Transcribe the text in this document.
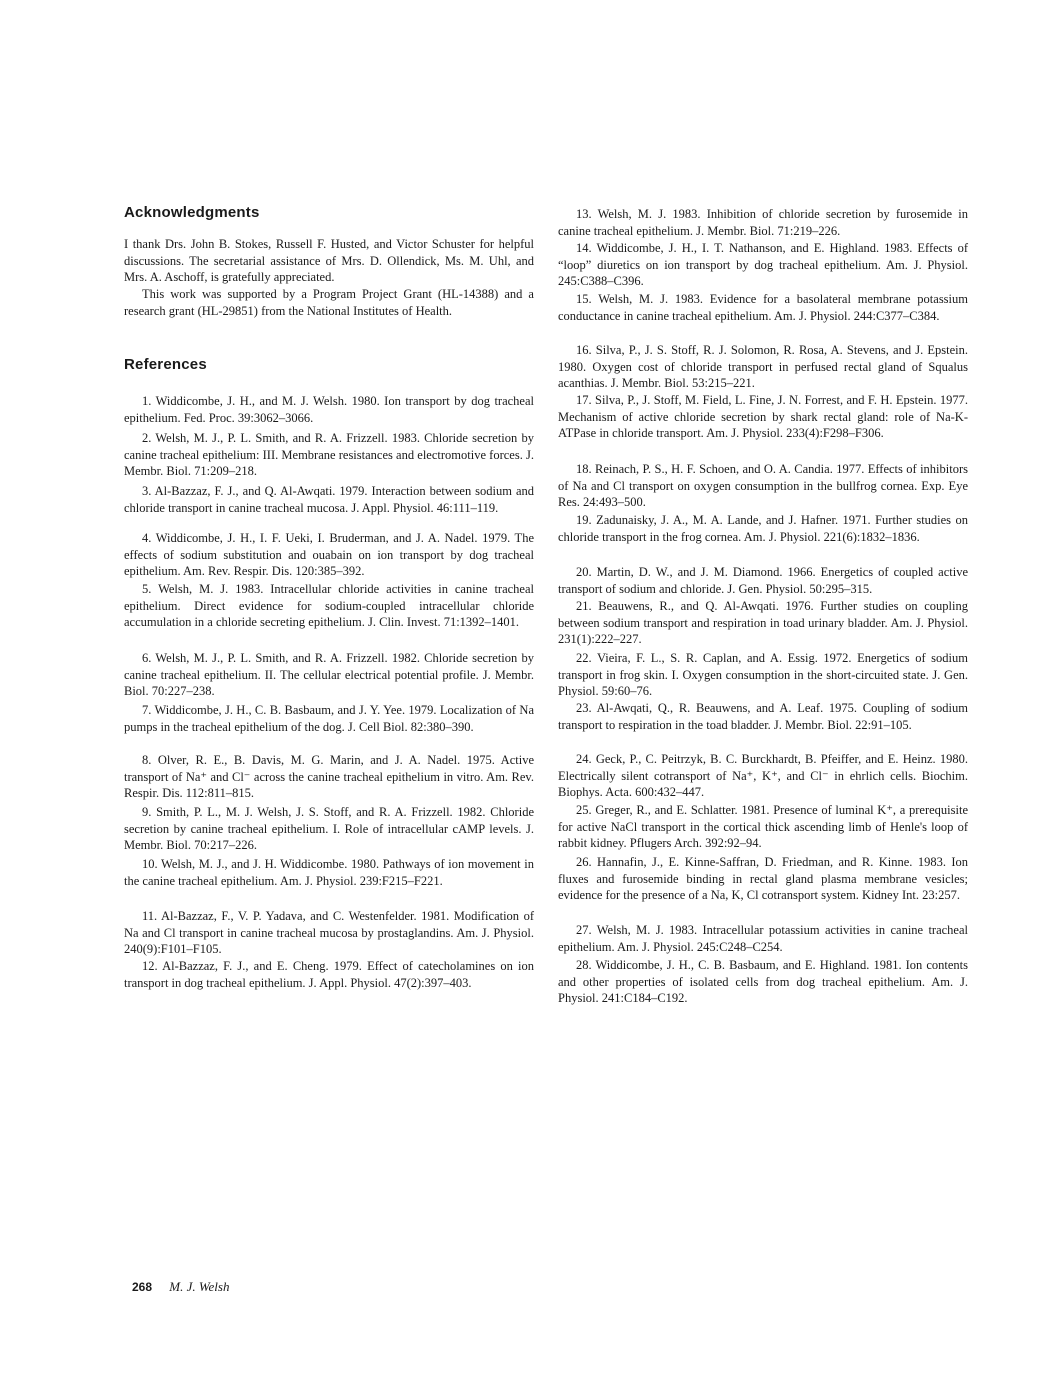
Acknowledgments

I thank Drs. John B. Stokes, Russell F. Husted, and Victor Schuster for helpful discussions. The secretarial assistance of Mrs. D. Ollendick, Ms. M. Uhl, and Mrs. A. Aschoff, is gratefully appreciated.

This work was supported by a Program Project Grant (HL-14388) and a research grant (HL-29851) from the National Institutes of Health.

References

1. Widdicombe, J. H., and M. J. Welsh. 1980. Ion transport by dog tracheal epithelium. Fed. Proc. 39:3062–3066.

2. Welsh, M. J., P. L. Smith, and R. A. Frizzell. 1983. Chloride secretion by canine tracheal epithelium: III. Membrane resistances and electromotive forces. J. Membr. Biol. 71:209–218.

3. Al-Bazzaz, F. J., and Q. Al-Awqati. 1979. Interaction between sodium and chloride transport in canine tracheal mucosa. J. Appl. Physiol. 46:111–119.

4. Widdicombe, J. H., I. F. Ueki, I. Bruderman, and J. A. Nadel. 1979. The effects of sodium substitution and ouabain on ion transport by dog tracheal epithelium. Am. Rev. Respir. Dis. 120:385–392.

5. Welsh, M. J. 1983. Intracellular chloride activities in canine tracheal epithelium. Direct evidence for sodium-coupled intracellular chloride accumulation in a chloride secreting epithelium. J. Clin. Invest. 71:1392–1401.

6. Welsh, M. J., P. L. Smith, and R. A. Frizzell. 1982. Chloride secretion by canine tracheal epithelium. II. The cellular electrical potential profile. J. Membr. Biol. 70:227–238.

7. Widdicombe, J. H., C. B. Basbaum, and J. Y. Yee. 1979. Localization of Na pumps in the tracheal epithelium of the dog. J. Cell Biol. 82:380–390.

8. Olver, R. E., B. Davis, M. G. Marin, and J. A. Nadel. 1975. Active transport of Na⁺ and Cl⁻ across the canine tracheal epithelium in vitro. Am. Rev. Respir. Dis. 112:811–815.

9. Smith, P. L., M. J. Welsh, J. S. Stoff, and R. A. Frizzell. 1982. Chloride secretion by canine tracheal epithelium. I. Role of intracellular cAMP levels. J. Membr. Biol. 70:217–226.

10. Welsh, M. J., and J. H. Widdicombe. 1980. Pathways of ion movement in the canine tracheal epithelium. Am. J. Physiol. 239:F215–F221.

11. Al-Bazzaz, F., V. P. Yadava, and C. Westenfelder. 1981. Modification of Na and Cl transport in canine tracheal mucosa by prostaglandins. Am. J. Physiol. 240(9):F101–F105.

12. Al-Bazzaz, F. J., and E. Cheng. 1979. Effect of catecholamines on ion transport in dog tracheal epithelium. J. Appl. Physiol. 47(2):397–403.

13. Welsh, M. J. 1983. Inhibition of chloride secretion by furosemide in canine tracheal epithelium. J. Membr. Biol. 71:219–226.

14. Widdicombe, J. H., I. T. Nathanson, and E. Highland. 1983. Effects of “loop” diuretics on ion transport by dog tracheal epithelium. Am. J. Physiol. 245:C388–C396.

15. Welsh, M. J. 1983. Evidence for a basolateral membrane potassium conductance in canine tracheal epithelium. Am. J. Physiol. 244:C377–C384.

16. Silva, P., J. S. Stoff, R. J. Solomon, R. Rosa, A. Stevens, and J. Epstein. 1980. Oxygen cost of chloride transport in perfused rectal gland of Squalus acanthias. J. Membr. Biol. 53:215–221.

17. Silva, P., J. Stoff, M. Field, L. Fine, J. N. Forrest, and F. H. Epstein. 1977. Mechanism of active chloride secretion by shark rectal gland: role of Na-K-ATPase in chloride transport. Am. J. Physiol. 233(4):F298–F306.

18. Reinach, P. S., H. F. Schoen, and O. A. Candia. 1977. Effects of inhibitors of Na and Cl transport on oxygen consumption in the bullfrog cornea. Exp. Eye Res. 24:493–500.

19. Zadunaisky, J. A., M. A. Lande, and J. Hafner. 1971. Further studies on chloride transport in the frog cornea. Am. J. Physiol. 221(6):1832–1836.

20. Martin, D. W., and J. M. Diamond. 1966. Energetics of coupled active transport of sodium and chloride. J. Gen. Physiol. 50:295–315.

21. Beauwens, R., and Q. Al-Awqati. 1976. Further studies on coupling between sodium transport and respiration in toad urinary bladder. Am. J. Physiol. 231(1):222–227.

22. Vieira, F. L., S. R. Caplan, and A. Essig. 1972. Energetics of sodium transport in frog skin. I. Oxygen consumption in the short-circuited state. J. Gen. Physiol. 59:60–76.

23. Al-Awqati, Q., R. Beauwens, and A. Leaf. 1975. Coupling of sodium transport to respiration in the toad bladder. J. Membr. Biol. 22:91–105.

24. Geck, P., C. Peitrzyk, B. C. Burckhardt, B. Pfeiffer, and E. Heinz. 1980. Electrically silent cotransport of Na⁺, K⁺, and Cl⁻ in ehrlich cells. Biochim. Biophys. Acta. 600:432–447.

25. Greger, R., and E. Schlatter. 1981. Presence of luminal K⁺, a prerequisite for active NaCl transport in the cortical thick ascending limb of Henle's loop of rabbit kidney. Pflugers Arch. 392:92–94.

26. Hannafin, J., E. Kinne-Saffran, D. Friedman, and R. Kinne. 1983. Ion fluxes and furosemide binding in rectal gland plasma membrane vesicles; evidence for the presence of a Na, K, Cl cotransport system. Kidney Int. 23:257.

27. Welsh, M. J. 1983. Intracellular potassium activities in canine tracheal epithelium. Am. J. Physiol. 245:C248–C254.

28. Widdicombe, J. H., C. B. Basbaum, and E. Highland. 1981. Ion contents and other properties of isolated cells from dog tracheal epithelium. Am. J. Physiol. 241:C184–C192.

268 M. J. Welsh
